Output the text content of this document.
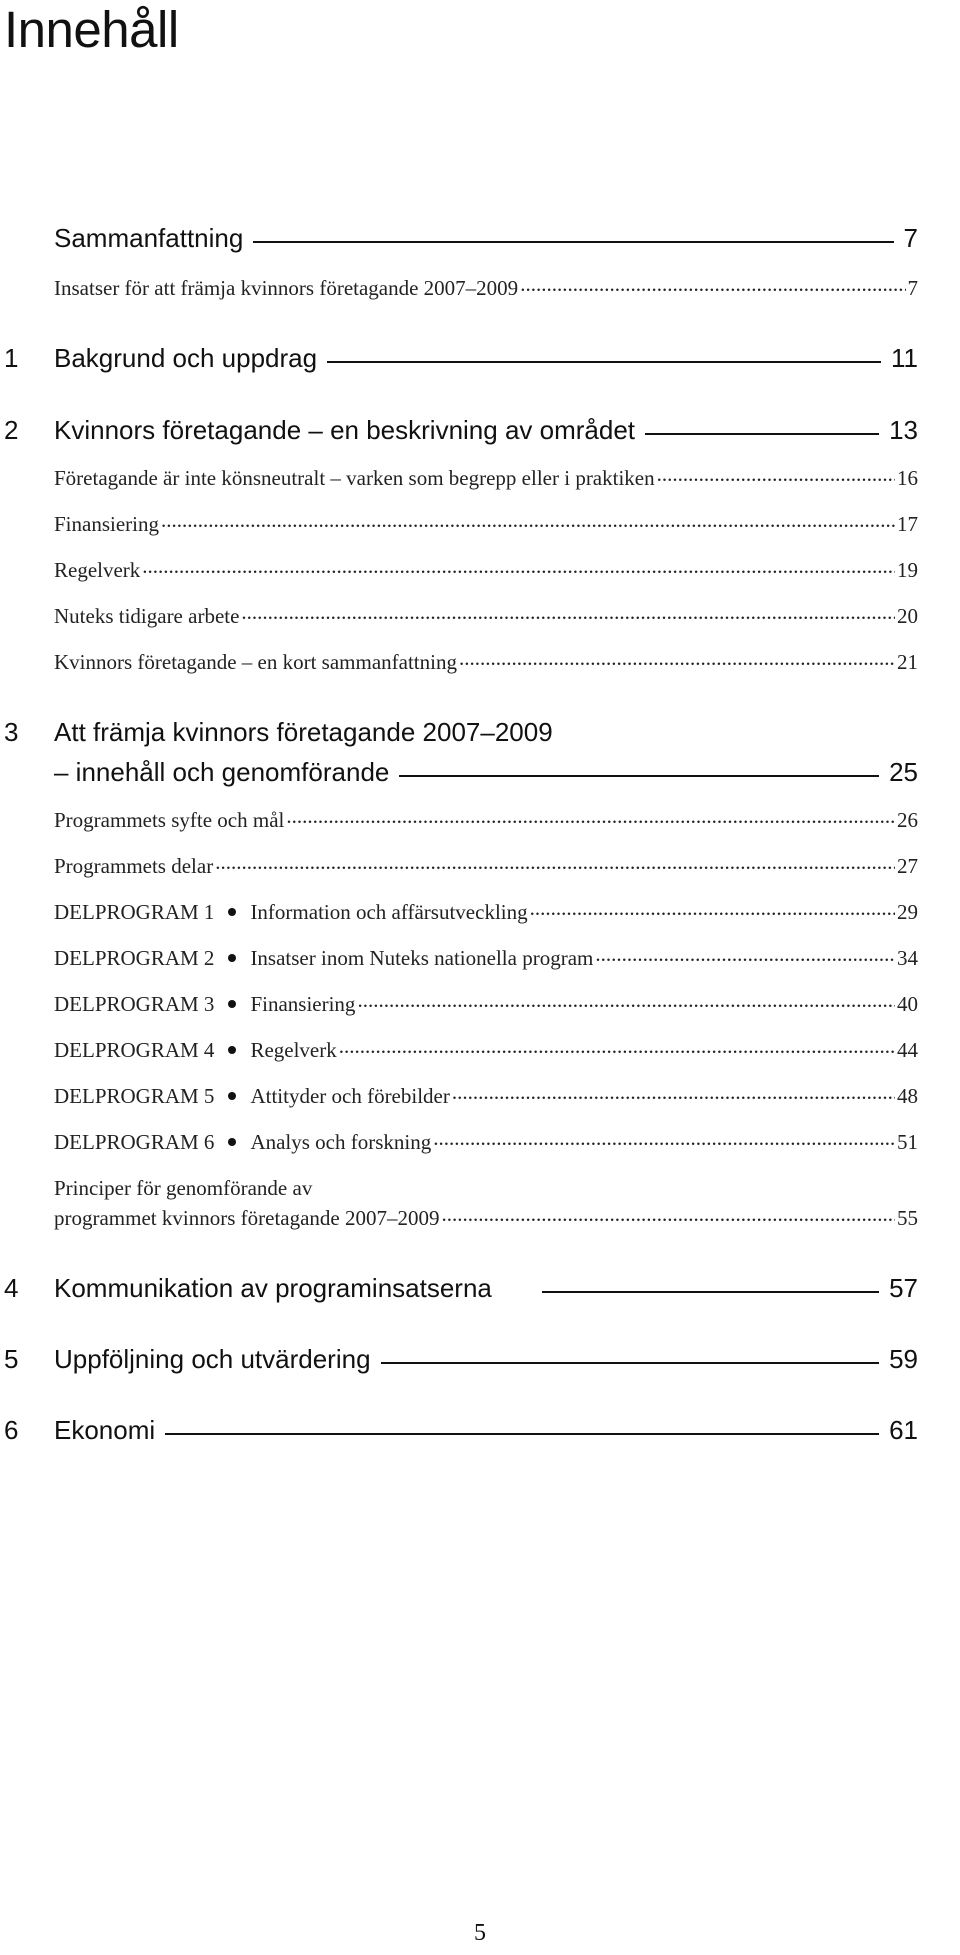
Innehåll
Sammanfattning	7
Insatser för att främja kvinnors företagande 2007–2009 .....	7
1 Bakgrund och uppdrag	11
2 Kvinnors företagande – en beskrivning av området	13
Företagande är inte könsneutralt – varken som begrepp eller i praktiken .....	16
Finansiering .....	17
Regelverk .....	19
Nuteks tidigare arbete .....	20
Kvinnors företagande – en kort sammanfattning .....	21
3 Att främja kvinnors företagande 2007–2009
– innehåll och genomförande	25
Programmets syfte och mål .....	26
Programmets delar .....	27
DELPROGRAM 1 Information och affärsutveckling .....	29
DELPROGRAM 2 Insatser inom Nuteks nationella program .....	34
DELPROGRAM 3 Finansiering .....	40
DELPROGRAM 4 Regelverk .....	44
DELPROGRAM 5 Attityder och förebilder .....	48
DELPROGRAM 6 Analys och forskning .....	51
Principer för genomförande av
programmet kvinnors företagande 2007–2009 .....	55
4 Kommunikation av programinsatserna	57
5 Uppföljning och utvärdering	59
6 Ekonomi	61
5
